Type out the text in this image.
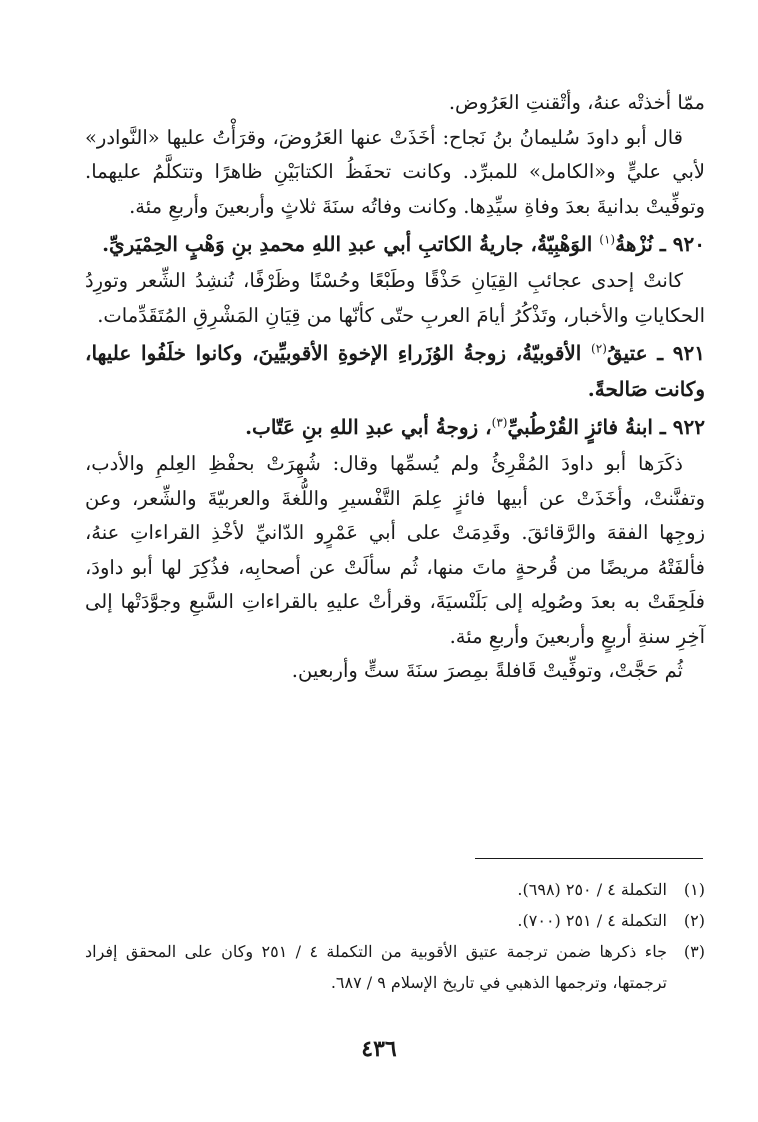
ممّا أخذتْه عنهُ، وأتْقنتِ العَرُوض.

قال أبو داودَ سُليمانُ بنُ نَجاح: أخَذَتْ عنها العَرُوضَ، وقرَأْتُ عليها «النَّوادر» لأبي عليٍّ و«الكامل» للمبرِّد. وكانت تحفَظُ الكتابَيْنِ ظاهرًا وتتكلَّمُ عليهما. وتوفِّيتْ بدانيةَ بعدَ وفاةِ سيِّدِها. وكانت وفاتُه سنَةَ ثلاثٍ وأربعينَ وأربعِ مئة.

٩٢٠ ـ نُزْهةُ$^{(١)}$ الوَهْبِيّةُ، جاريةُ الكاتبِ أبي عبدِ اللهِ محمدِ بنِ وَهْبٍ الحِمْيَريِّ.

كانتْ إحدى عجائبِ القِيَانِ حَذْقًا وطَبْعًا وحُسْنًا وظَرْفًا، تُنشِدُ الشِّعر وتورِدُ الحكاياتِ والأخبار، وتَذْكُرُ أيامَ العربِ حتّى كأنّها من قِيَانِ المَشْرِقِ المُتَقَدِّمات.

٩٢١ ـ عتيقُ$^{(٢)}$ الأقوبيّةُ، زوجةُ الوُزَراءِ الإخوةِ الأقوبيِّينَ، وكانوا خلَفُوا عليها، وكانت صَالحةً.

٩٢٢ ـ ابنةُ فائزٍ القُرْطُبيِّ$^{(٣)}$، زوجةُ أبي عبدِ اللهِ بنِ عَتّاب.

ذكَرَها أبو داودَ المُقْرِئُ ولم يُسمِّها وقال: شُهِرَتْ بحفْظِ العِلمِ والأدب، وتفنَّنتْ، وأخَذَتْ عن أبيها فائزٍ عِلمَ التَّفْسيرِ واللُّغةَ والعربيّةَ والشِّعر، وعن زوجِها الفقهَ والرَّقائقَ. وقَدِمَتْ على أبي عَمْرٍو الدّانيِّ لأخْذِ القراءاتِ عنهُ، فألفَتْهُ مريضًا من قُرحةٍ ماتَ منها، ثُم سألَتْ عن أصحابِه، فذُكِرَ لها أبو داودَ، فلَحِقَتْ به بعدَ وصُولِه إلى بَلَنْسيَةَ، وقرأتْ عليهِ بالقراءاتِ السَّبعِ وجوَّدَتْها إلى آخِرِ سنةِ أربعٍ وأربعينَ وأربعِ مئة.

ثُم حَجَّتْ، وتوفِّيتْ قَافلةً بمِصرَ سنَةَ ستٍّ وأربعين.

(١)
التكملة ٤ / ٢٥٠ (٦٩٨).
(٢)
التكملة ٤ / ٢٥١ (٧٠٠).
(٣)
جاء ذكرها ضمن ترجمة عتيق الأقوبية من التكملة ٤ / ٢٥١ وكان على المحقق إفراد ترجمتها، وترجمها الذهبي في تاريخ الإسلام ٩ / ٦٨٧.
٤٣٦
